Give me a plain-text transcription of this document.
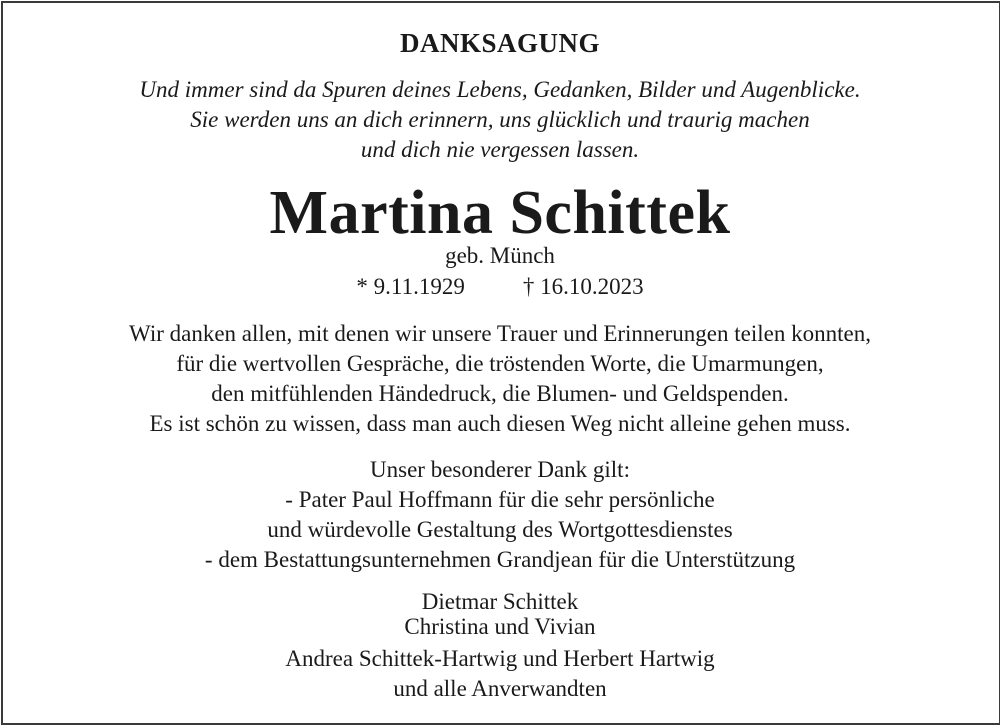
DANKSAGUNG
Und immer sind da Spuren deines Lebens, Gedanken, Bilder und Augenblicke.
Sie werden uns an dich erinnern, uns glücklich und traurig machen
und dich nie vergessen lassen.
Martina Schittek
geb. Münch
* 9.11.1929	† 16.10.2023
Wir danken allen, mit denen wir unsere Trauer und Erinnerungen teilen konnten,
für die wertvollen Gespräche, die tröstenden Worte, die Umarmungen,
den mitfühlenden Händedruck, die Blumen- und Geldspenden.
Es ist schön zu wissen, dass man auch diesen Weg nicht alleine gehen muss.
Unser besonderer Dank gilt:
- Pater Paul Hoffmann für die sehr persönliche
und würdevolle Gestaltung des Wortgottesdienstes
- dem Bestattungsunternehmen Grandjean für die Unterstützung
Dietmar Schittek
Christina und Vivian
Andrea Schittek-Hartwig und Herbert Hartwig
und alle Anverwandten
